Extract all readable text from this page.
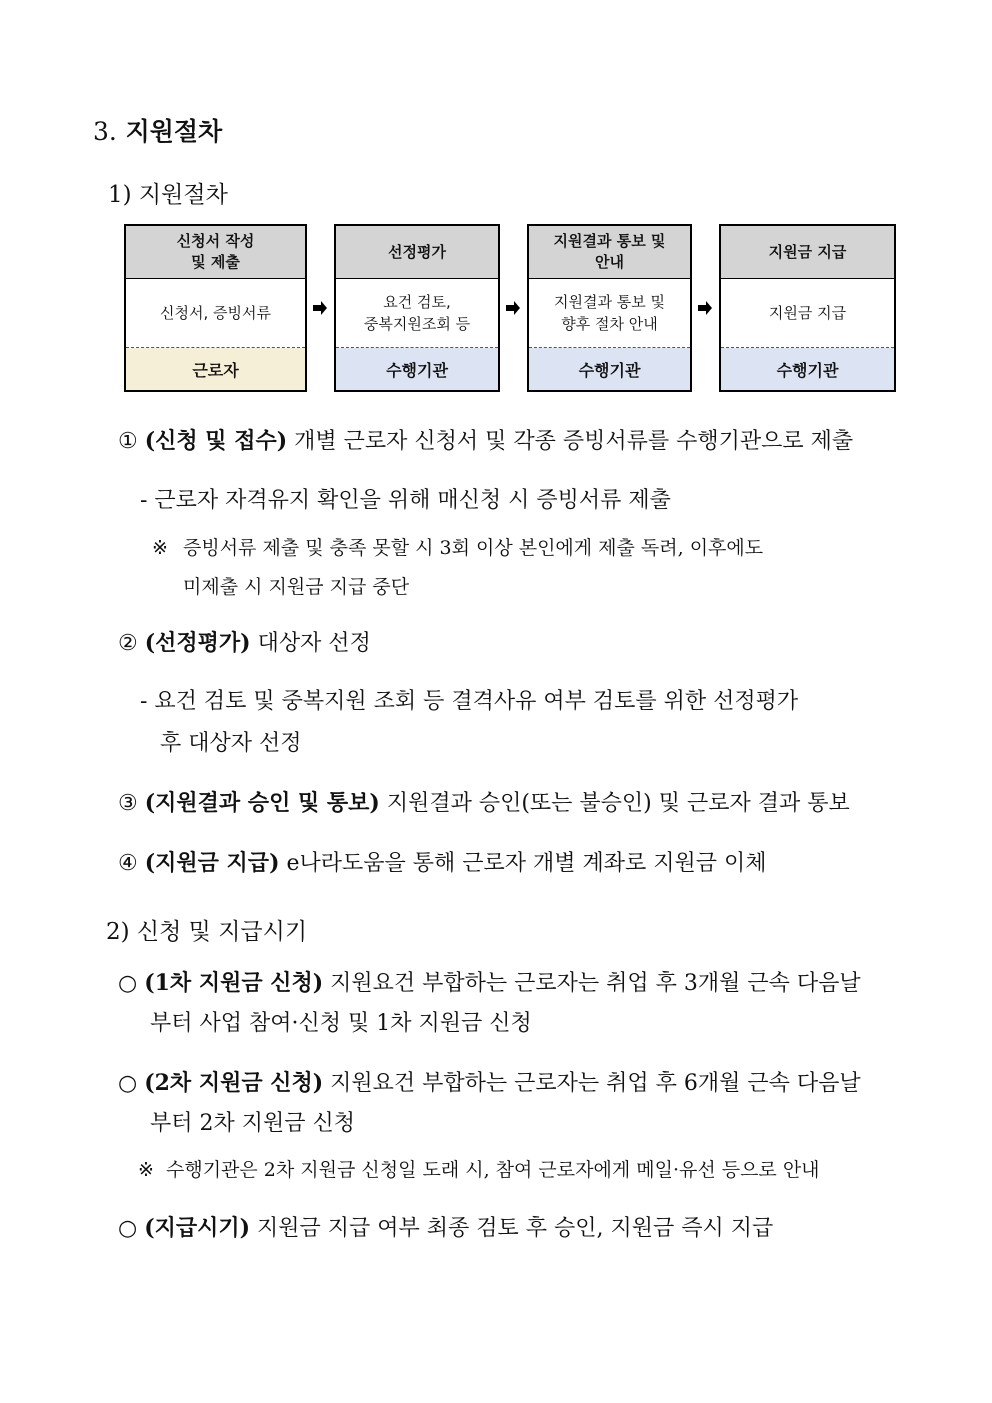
3. 지원절차
1) 지원절차
신청서 작성
및 제출
신청서, 증빙서류
근로자
선정평가
요건 검토,
중복지원조회 등
수행기관
지원결과 통보 및
안내
지원결과 통보 및
향후 절차 안내
수행기관
지원금 지급
지원금 지급
수행기관
① (신청 및 접수) 개별 근로자 신청서 및 각종 증빙서류를 수행기관으로 제출
- 근로자 자격유지 확인을 위해 매신청 시 증빙서류 제출
※ 증빙서류 제출 및 충족 못할 시 3회 이상 본인에게 제출 독려, 이후에도
미제출 시 지원금 지급 중단
② (선정평가) 대상자 선정
- 요건 검토 및 중복지원 조회 등 결격사유 여부 검토를 위한 선정평가
후 대상자 선정
③ (지원결과 승인 및 통보) 지원결과 승인(또는 불승인) 및 근로자 결과 통보
④ (지원금 지급) e나라도움을 통해 근로자 개별 계좌로 지원금 이체
2) 신청 및 지급시기
○ (1차 지원금 신청) 지원요건 부합하는 근로자는 취업 후 3개월 근속 다음날
부터 사업 참여·신청 및 1차 지원금 신청
○ (2차 지원금 신청) 지원요건 부합하는 근로자는 취업 후 6개월 근속 다음날
부터 2차 지원금 신청
※ 수행기관은 2차 지원금 신청일 도래 시, 참여 근로자에게 메일·유선 등으로 안내
○ (지급시기) 지원금 지급 여부 최종 검토 후 승인, 지원금 즉시 지급
